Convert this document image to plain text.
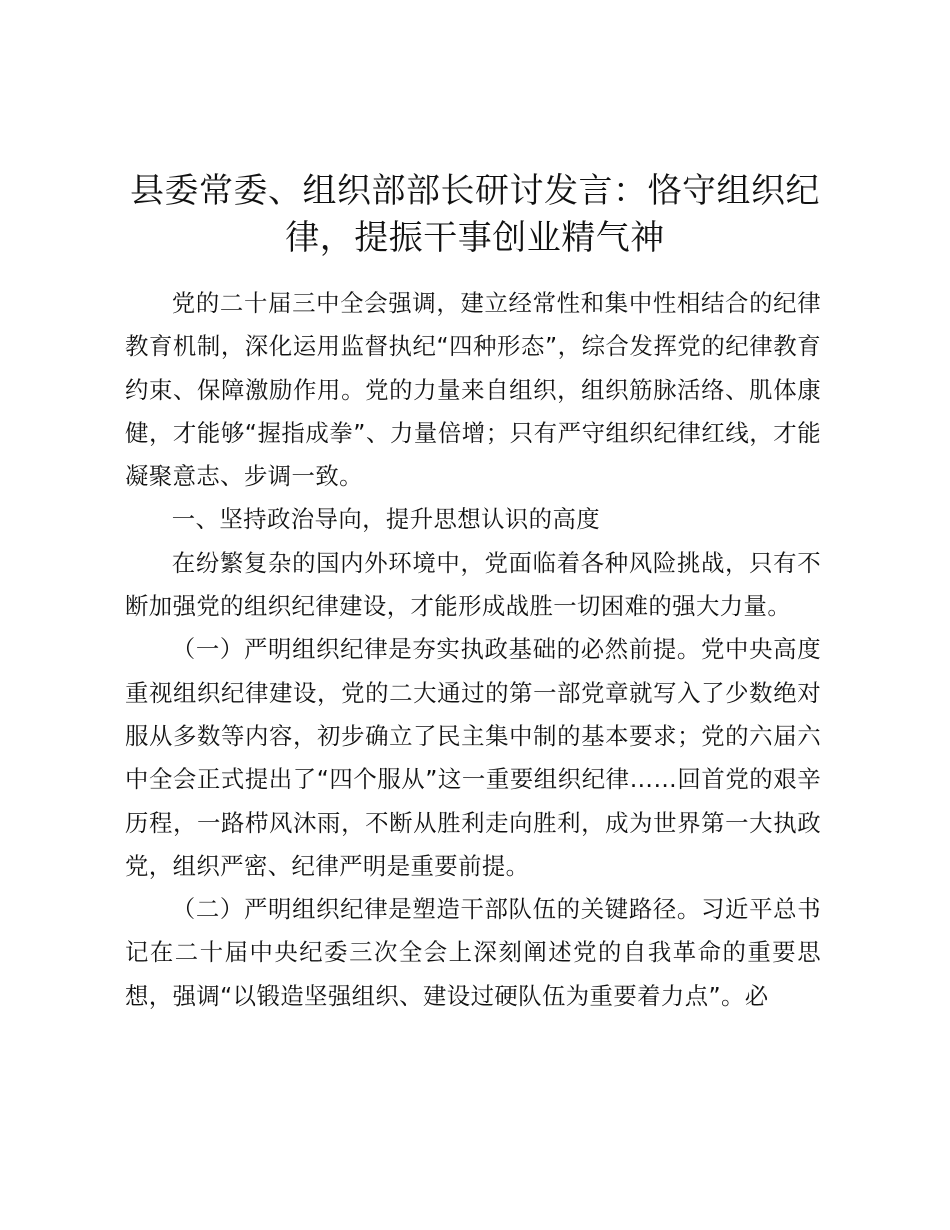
县委常委、组织部部长研讨发言：恪守组织纪律，提振干事创业精气神

党的二十届三中全会强调，建立经常性和集中性相结合的纪律教育机制，深化运用监督执纪“四种形态”，综合发挥党的纪律教育约束、保障激励作用。党的力量来自组织，组织筋脉活络、肌体康健，才能够“握指成拳”、力量倍增；只有严守组织纪律红线，才能凝聚意志、步调一致。

一、坚持政治导向，提升思想认识的高度

在纷繁复杂的国内外环境中，党面临着各种风险挑战，只有不断加强党的组织纪律建设，才能形成战胜一切困难的强大力量。

（一）严明组织纪律是夯实执政基础的必然前提。党中央高度重视组织纪律建设，党的二大通过的第一部党章就写入了少数绝对服从多数等内容，初步确立了民主集中制的基本要求；党的六届六中全会正式提出了“四个服从”这一重要组织纪律……回首党的艰辛历程，一路栉风沐雨，不断从胜利走向胜利，成为世界第一大执政党，组织严密、纪律严明是重要前提。

（二）严明组织纪律是塑造干部队伍的关键路径。习近平总书记在二十届中央纪委三次全会上深刻阐述党的自我革命的重要思想，强调“以锻造坚强组织、建设过硬队伍为重要着力点”。必
